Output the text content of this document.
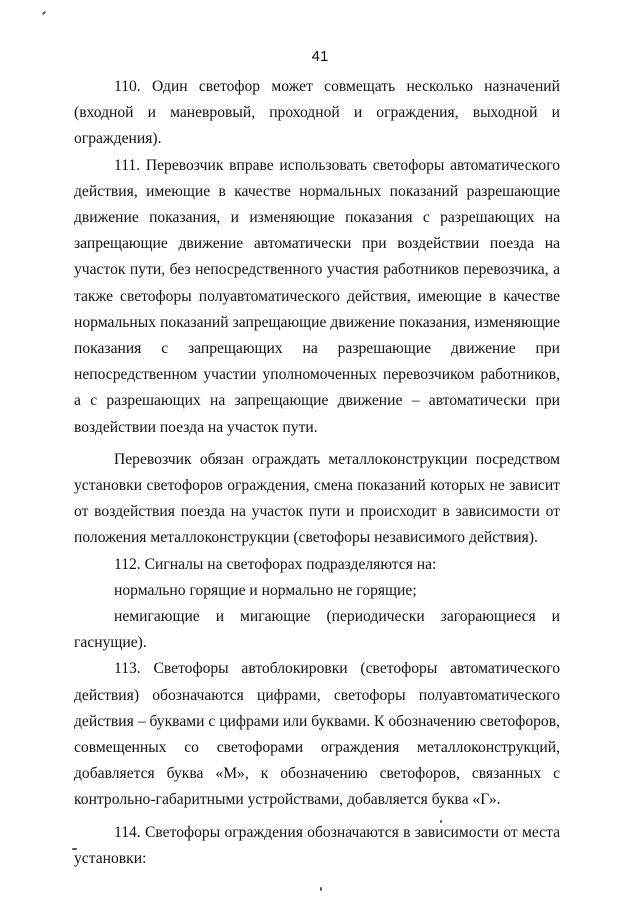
41

110. Один светофор может совмещать несколько назначений (входной и маневровый, проходной и ограждения, выходной и ограждения).

111. Перевозчик вправе использовать светофоры автоматического действия, имеющие в качестве нормальных показаний разрешающие движение показания, и изменяющие показания с разрешающих на запрещающие движение автоматически при воздействии поезда на участок пути, без непосредственного участия работников перевозчика, а также светофоры полуавтоматического действия, имеющие в качестве нормальных показаний запрещающие движение показания, изменяющие показания с запрещающих на разрешающие движение при непосредственном участии уполномоченных перевозчиком работников, а с разрешающих на запрещающие движение – автоматически при воздействии поезда на участок пути.

Перевозчик обязан ограждать металлоконструкции посредством установки светофоров ограждения, смена показаний которых не зависит от воздействия поезда на участок пути и происходит в зависимости от положения металлоконструкции (светофоры независимого действия).

112. Сигналы на светофорах подразделяются на:

нормально горящие и нормально не горящие;

немигающие и мигающие (периодически загорающиеся и гаснущие).

113. Светофоры автоблокировки (светофоры автоматического действия) обозначаются цифрами, светофоры полуавтоматического действия – буквами с цифрами или буквами. К обозначению светофоров, совмещенных со светофорами ограждения металлоконструкций, добавляется буква «М», к обозначению светофоров, связанных с контрольно-габаритными устройствами, добавляется буква «Г».

114. Светофоры ограждения обозначаются в зависимости от места установки:
